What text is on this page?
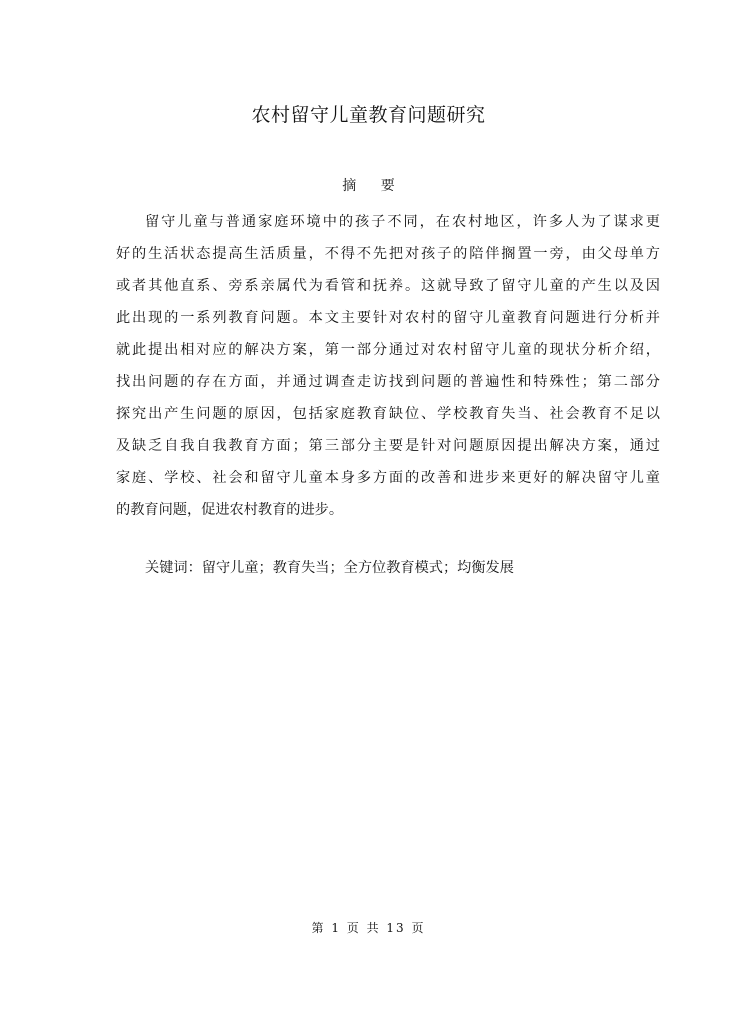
农村留守儿童教育问题研究
摘 要
留守儿童与普通家庭环境中的孩子不同，在农村地区，许多人为了谋求更
好的生活状态提高生活质量，不得不先把对孩子的陪伴搁置一旁，由父母单方
或者其他直系、旁系亲属代为看管和抚养。这就导致了留守儿童的产生以及因
此出现的一系列教育问题。本文主要针对农村的留守儿童教育问题进行分析并
就此提出相对应的解决方案，第一部分通过对农村留守儿童的现状分析介绍，
找出问题的存在方面，并通过调查走访找到问题的普遍性和特殊性；第二部分
探究出产生问题的原因，包括家庭教育缺位、学校教育失当、社会教育不足以
及缺乏自我自我教育方面；第三部分主要是针对问题原因提出解决方案，通过
家庭、学校、社会和留守儿童本身多方面的改善和进步来更好的解决留守儿童
的教育问题，促进农村教育的进步。
关键词：留守儿童；教育失当；全方位教育模式；均衡发展
第 1 页 共 13 页
